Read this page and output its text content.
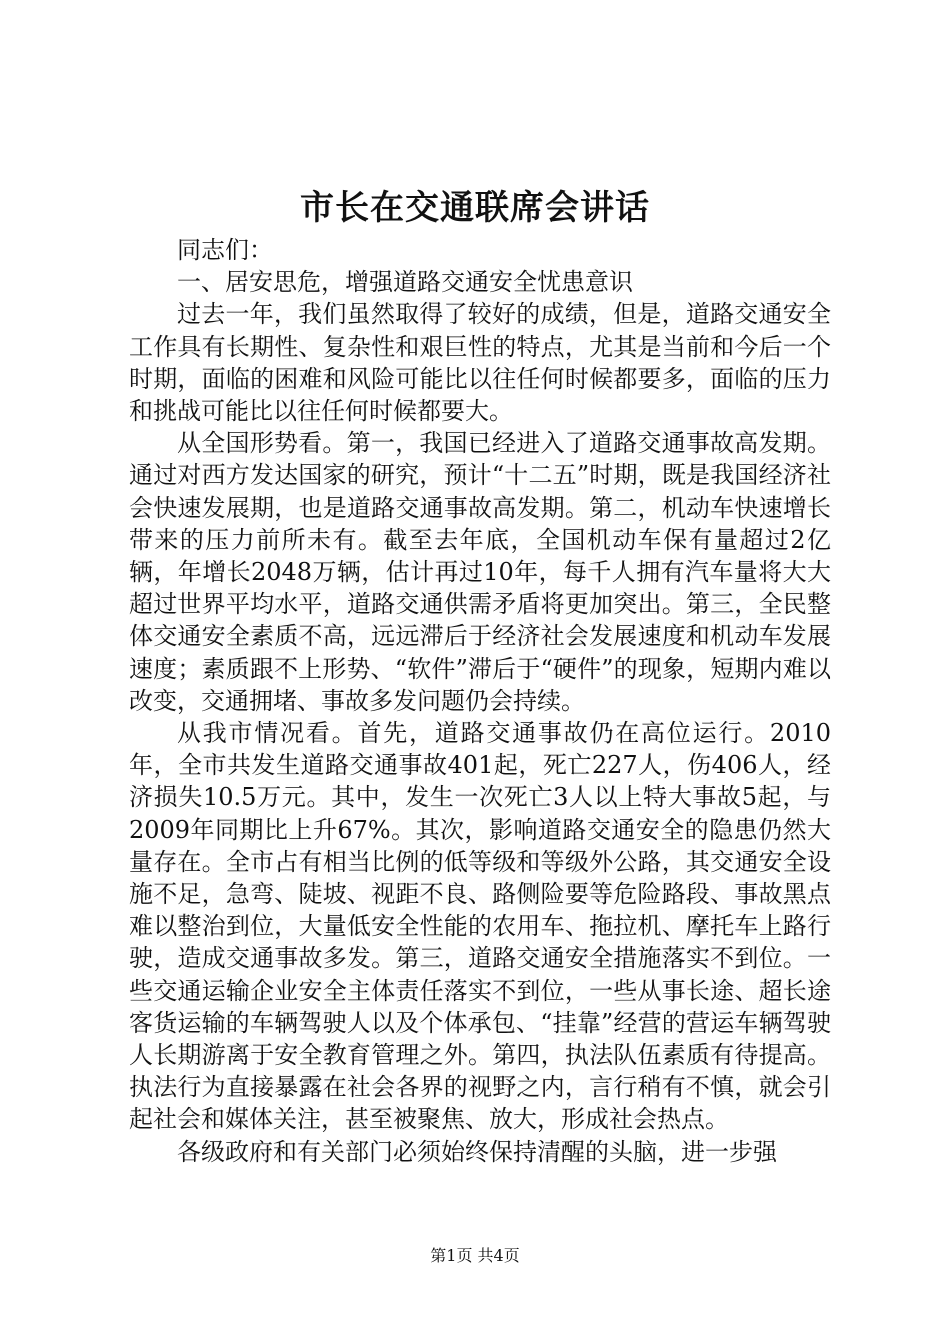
市长在交通联席会讲话

同志们：

一、居安思危，增强道路交通安全忧患意识

过去一年，我们虽然取得了较好的成绩，但是，道路交通安全工作具有长期性、复杂性和艰巨性的特点，尤其是当前和今后一个时期，面临的困难和风险可能比以往任何时候都要多，面临的压力和挑战可能比以往任何时候都要大。

从全国形势看。第一，我国已经进入了道路交通事故高发期。通过对西方发达国家的研究，预计“十二五”时期，既是我国经济社会快速发展期，也是道路交通事故高发期。第二，机动车快速增长带来的压力前所未有。截至去年底，全国机动车保有量超过2亿辆，年增长2048万辆，估计再过10年，每千人拥有汽车量将大大超过世界平均水平，道路交通供需矛盾将更加突出。第三，全民整体交通安全素质不高，远远滞后于经济社会发展速度和机动车发展速度；素质跟不上形势、“软件”滞后于“硬件”的现象，短期内难以改变，交通拥堵、事故多发问题仍会持续。

从我市情况看。首先，道路交通事故仍在高位运行。2010年，全市共发生道路交通事故401起，死亡227人，伤406人，经济损失10.5万元。其中，发生一次死亡3人以上特大事故5起，与2009年同期比上升67%。其次，影响道路交通安全的隐患仍然大量存在。全市占有相当比例的低等级和等级外公路，其交通安全设施不足，急弯、陡坡、视距不良、路侧险要等危险路段、事故黑点难以整治到位，大量低安全性能的农用车、拖拉机、摩托车上路行驶，造成交通事故多发。第三，道路交通安全措施落实不到位。一些交通运输企业安全主体责任落实不到位，一些从事长途、超长途客货运输的车辆驾驶人以及个体承包、“挂靠”经营的营运车辆驾驶人长期游离于安全教育管理之外。第四，执法队伍素质有待提高。执法行为直接暴露在社会各界的视野之内，言行稍有不慎，就会引起社会和媒体关注，甚至被聚焦、放大，形成社会热点。

各级政府和有关部门必须始终保持清醒的头脑，进一步强

第1页 共4页
